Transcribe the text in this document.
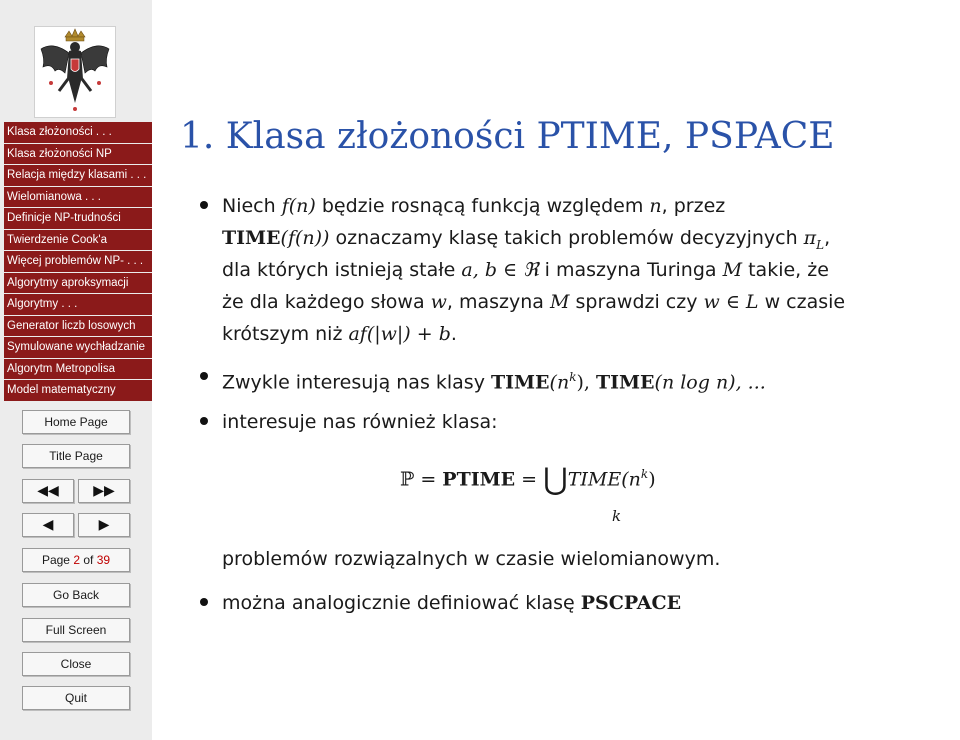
Klasa złożoności . . .
Klasa złożoności NP
Relacja między klasami . . .
Wielomianowa . . .
Definicje NP-trudności
Twierdzenie Cook'a
Więcej problemów NP- . . .
Algorytmy aproksymacji
Algorytmy . . .
Generator liczb losowych
Symulowane wychładzanie
Algorytm Metropolisa
Model matematyczny
Home Page
Title Page
◀◀	▶▶
◀	▶
Page 2 of 39
Go Back
Full Screen
Close
Quit
1. Klasa złożoności PTIME, PSPACE
Niech f(n) będzie rosnącą funkcją względem n, przez
TIME(f(n)) oznaczamy klasę takich problemów decyzyjnych $\pi_L$,
dla których istnieją stałe a, b ∈ ℜ i maszyna Turinga M takie, że
że dla każdego słowa w, maszyna M sprawdzi czy w ∈ L w czasie
krótszym niż af(|w|) + b.
Zwykle interesują nas klasy $TIME(n^k)$, TIME(n log n), ...
interesuje nas również klasa:
ℙ = PTIME = $⋃TIME(n^k)$
k
problemów rozwiązalnych w czasie wielomianowym.
można analogicznie definiować klasę PSCPACE
